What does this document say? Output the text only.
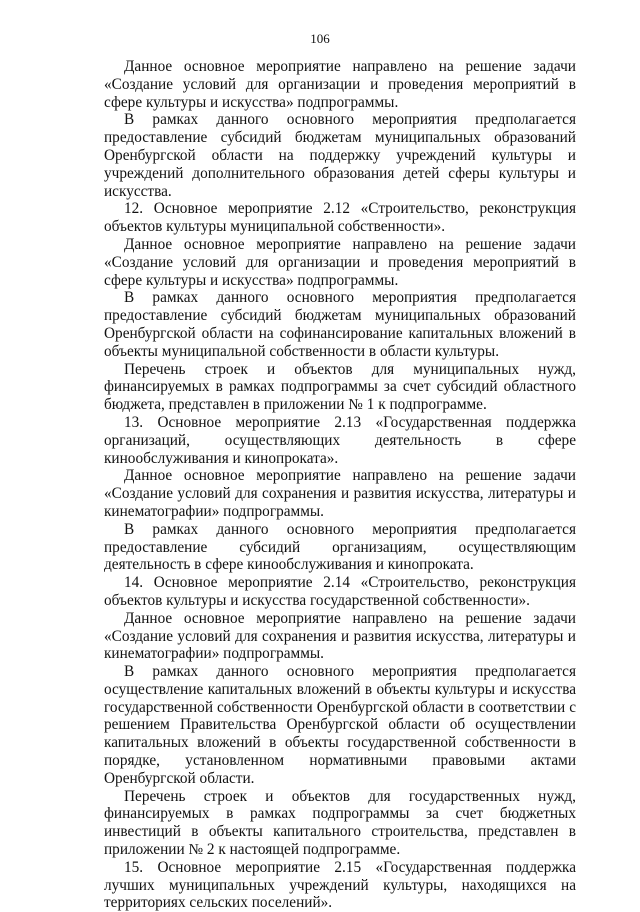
106

Данное основное мероприятие направлено на решение задачи «Создание условий для организации и проведения мероприятий в сфере культуры и искусства» подпрограммы.

В рамках данного основного мероприятия предполагается предоставление субсидий бюджетам муниципальных образований Оренбургской области на поддержку учреждений культуры и учреждений дополнительного образования детей сферы культуры и искусства.

12. Основное мероприятие 2.12 «Строительство, реконструкция объектов культуры муниципальной собственности».

Данное основное мероприятие направлено на решение задачи «Создание условий для организации и проведения мероприятий в сфере культуры и искусства» подпрограммы.

В рамках данного основного мероприятия предполагается предоставление субсидий бюджетам муниципальных образований Оренбургской области на софинансирование капитальных вложений в объекты муниципальной собственности в области культуры.

Перечень строек и объектов для муниципальных нужд, финансируемых в рамках подпрограммы за счет субсидий областного бюджета, представлен в приложении № 1 к подпрограмме.

13. Основное мероприятие 2.13 «Государственная поддержка организаций, осуществляющих деятельность в сфере кинообслуживания и кинопроката».

Данное основное мероприятие направлено на решение задачи «Создание условий для сохранения и развития искусства, литературы и кинематографии» подпрограммы.

В рамках данного основного мероприятия предполагается предоставление субсидий организациям, осуществляющим деятельность в сфере кинообслуживания и кинопроката.

14. Основное мероприятие 2.14 «Строительство, реконструкция объектов культуры и искусства государственной собственности».

Данное основное мероприятие направлено на решение задачи «Создание условий для сохранения и развития искусства, литературы и кинематографии» подпрограммы.

В рамках данного основного мероприятия предполагается осуществление капитальных вложений в объекты культуры и искусства государственной собственности Оренбургской области в соответствии с решением Правительства Оренбургской области об осуществлении капитальных вложений в объекты государственной собственности в порядке, установленном нормативными правовыми актами Оренбургской области.

Перечень строек и объектов для государственных нужд, финансируемых в рамках подпрограммы за счет бюджетных инвестиций в объекты капитального строительства, представлен в приложении № 2 к настоящей подпрограмме.

15. Основное мероприятие 2.15 «Государственная поддержка лучших муниципальных учреждений культуры, находящихся на территориях сельских поселений».
